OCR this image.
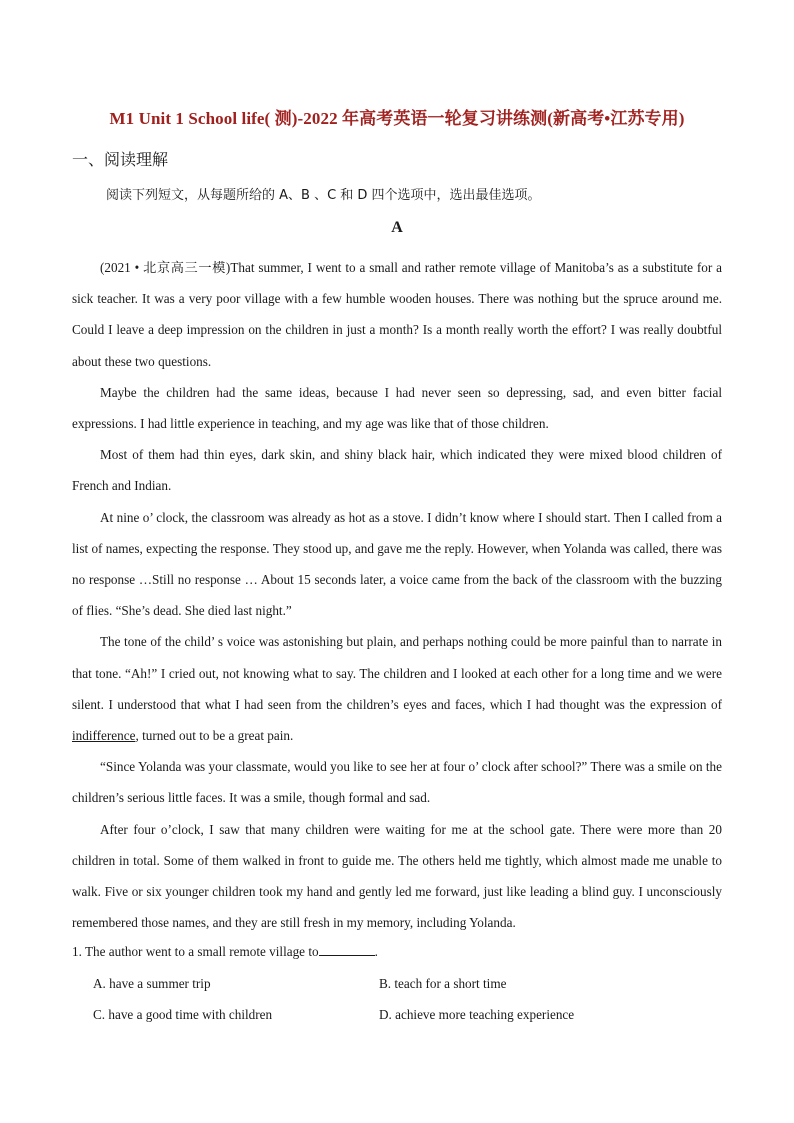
M1 Unit 1 School life( 测)-2022 年高考英语一轮复习讲练测(新高考•江苏专用)
一、阅读理解
阅读下列短文，从每题所给的 A、B 、C 和 D 四个选项中，选出最佳选项。
A

(2021 • 北京高三一模)That summer, I went to a small and rather remote village of Manitoba’s as a substitute for a sick teacher. It was a very poor village with a few humble wooden houses. There was nothing but the spruce around me. Could I leave a deep impression on the children in just a month? Is a month really worth the effort? I was really doubtful about these two questions.

Maybe the children had the same ideas, because I had never seen so depressing, sad, and even bitter facial expressions. I had little experience in teaching, and my age was like that of those children.

Most of them had thin eyes, dark skin, and shiny black hair, which indicated they were mixed blood children of French and Indian.

At nine o’ clock, the classroom was already as hot as a stove. I didn’t know where I should start. Then I called from a list of names, expecting the response. They stood up, and gave me the reply. However, when Yolanda was called, there was no response …Still no response … About 15 seconds later, a voice came from the back of the classroom with the buzzing of flies. “She’s dead. She died last night.”

The tone of the child’ s voice was astonishing but plain, and perhaps nothing could be more painful than to narrate in that tone. “Ah!” I cried out, not knowing what to say. The children and I looked at each other for a long time and we were silent. I understood that what I had seen from the children’s eyes and faces, which I had thought was the expression of indifference, turned out to be a great pain.

“Since Yolanda was your classmate, would you like to see her at four o’ clock after school?” There was a smile on the children’s serious little faces. It was a smile, though formal and sad.

After four o’clock, I saw that many children were waiting for me at the school gate. There were more than 20 children in total. Some of them walked in front to guide me. The others held me tightly, which almost made me unable to walk. Five or six younger children took my hand and gently led me forward, just like leading a blind guy. I unconsciously remembered those names, and they are still fresh in my memory, including Yolanda.

1. The author went to a small remote village to	.
A. have a summer trip	B. teach for a short time
C. have a good time with children	D. achieve more teaching experience
